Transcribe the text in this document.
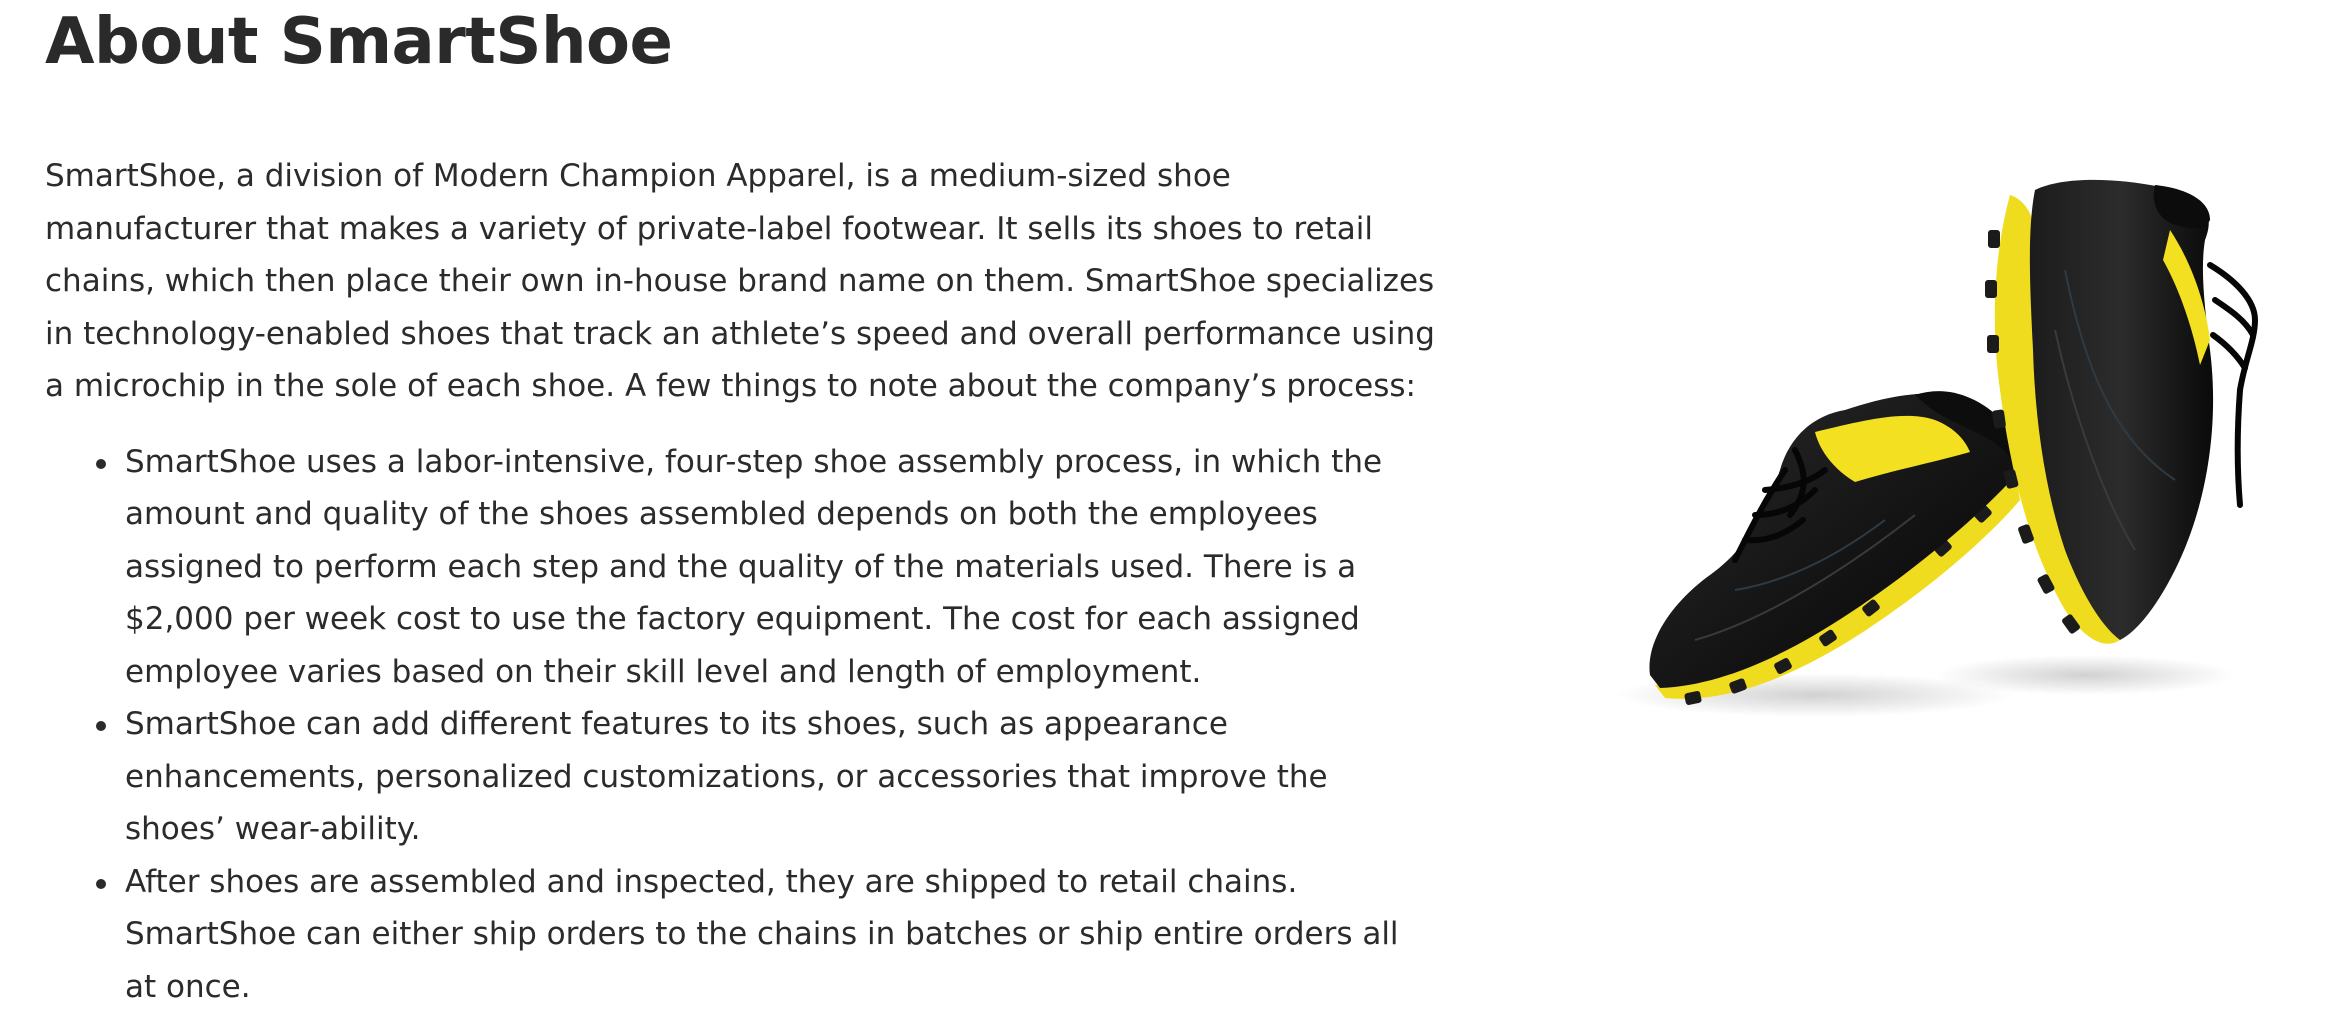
About SmartShoe

SmartShoe, a division of Modern Champion Apparel, is a medium-sized shoe manufacturer that makes a variety of private-label footwear. It sells its shoes to retail chains, which then place their own in-house brand name on them. SmartShoe specializes in technology-enabled shoes that track an athlete’s speed and overall performance using a microchip in the sole of each shoe. A few things to note about the company’s process:

SmartShoe uses a labor-intensive, four-step shoe assembly process, in which the amount and quality of the shoes assembled depends on both the employees assigned to perform each step and the quality of the materials used. There is a $2,000 per week cost to use the factory equipment. The cost for each assigned employee varies based on their skill level and length of employment.
SmartShoe can add different features to its shoes, such as appearance enhancements, personalized customizations, or accessories that improve the shoes’ wear-ability.
After shoes are assembled and inspected, they are shipped to retail chains. SmartShoe can either ship orders to the chains in batches or ship entire orders all at once.
